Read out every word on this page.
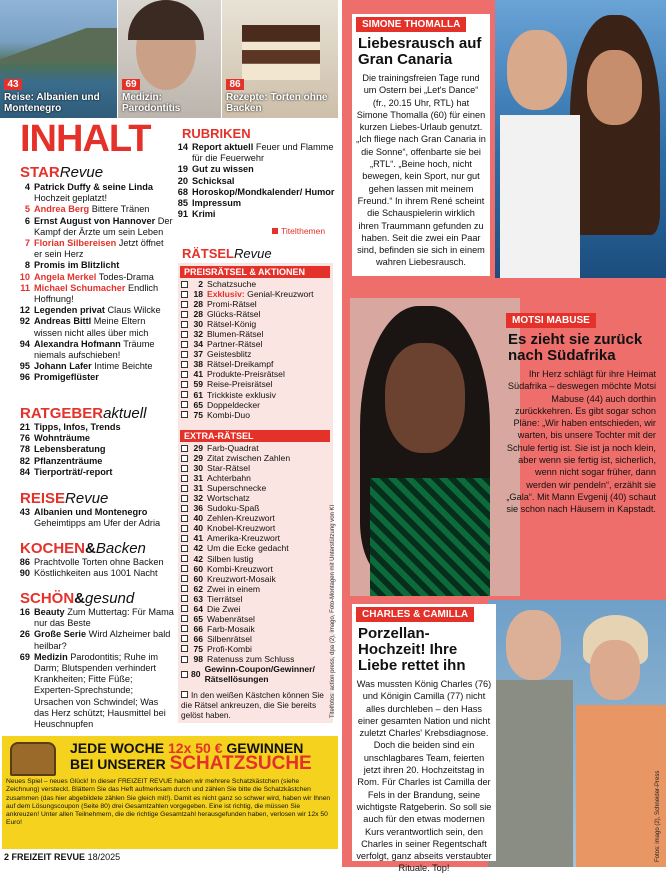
43
Reise: Albanien und Montenegro
69
Medizin: Parodontitis
86
Rezepte: Torten ohne Backen
INHALT
STARRevue
4 Patrick Duffy & seine Linda Hochzeit geplatzt!
5 Andrea Berg Bittere Tränen
6 Ernst August von Hannover Der Kampf der Ärzte um sein Leben
7 Florian Silbereisen Jetzt öffnet er sein Herz
8 Promis im Blitzlicht
10 Angela Merkel Todes-Drama
11 Michael Schumacher Endlich Hoffnung!
12 Legenden privat Claus Wilcke
92 Andreas Bittl Meine Eltern wissen nicht alles über mich
94 Alexandra Hofmann Träume niemals aufschieben!
95 Johann Lafer Intime Beichte
96 Promigeflüster
RATGEBERaktuell
21 Tipps, Infos, Trends
76 Wohnträume
78 Lebensberatung
82 Pflanzenträume
84 Tierporträt/-report
REISERevue
43 Albanien und Montenegro Geheimtipps am Ufer der Adria
KOCHEN&Backen
86 Prachtvolle Torten ohne Backen
90 Köstlichkeiten aus 1001 Nacht
SCHÖN&gesund
16 Beauty Zum Muttertag: Für Mama nur das Beste
26 Große Serie Wird Alzheimer bald heilbar?
69 Medizin Parodontitis; Ruhe im Darm; Blutspenden verhindert Krankheiten; Fitte Füße; Experten-Sprechstunde; Ursachen von Schwindel; Was das Herz schützt; Hausmittel bei Heuschnupfen
RUBRIKEN
14 Report aktuell Feuer und Flamme für die Feuerwehr
19 Gut zu wissen
20 Schicksal
68 Horoskop/Mondkalender/ Humor
85 Impressum
91 Krimi
Titelthemen
RÄTSELRevue
PREISRÄTSEL & AKTIONEN
2 Schatzsuche
18 Exklusiv: Genial-Kreuzwort
28 Promi-Rätsel
28 Glücks-Rätsel
30 Rätsel-König
32 Blumen-Rätsel
34 Partner-Rätsel
37 Geistesblitz
38 Rätsel-Dreikampf
41 Produkte-Preisrätsel
59 Reise-Preisrätsel
61 Trickkiste exklusiv
65 Doppeldecker
75 Kombi-Duo
EXTRA-RÄTSEL
29 Farb-Quadrat
29 Zitat zwischen Zahlen
30 Star-Rätsel
31 Achterbahn
31 Superschnecke
32 Wortschatz
36 Sudoku-Spaß
40 Zehlen-Kreuzwort
40 Knobel-Kreuzwort
41 Amerika-Kreuzwort
42 Um die Ecke gedacht
42 Silben lustig
60 Kombi-Kreuzwort
60 Kreuzwort-Mosaik
62 Zwei in einem
63 Tierrätsel
64 Die Zwei
65 Wabenrätsel
66 Farb-Mosaik
66 Silbenrätsel
75 Profi-Kombi
98 Ratenuss zum Schluss
80
Gewinn-Coupon/Gewinner/ Rätsellösungen
In den weißen Kästchen können Sie die Rätsel ankreuzen, die Sie bereits gelöst haben.	Titelfotos: action press, dpa (2), imago, Foto-Montagen mit Unterstützung von KI
JEDE WOCHE 12x 50 € GEWINNEN
BEI UNSERER SCHATZSUCHE
Neues Spiel – neues Glück! In dieser FREIZEIT REVUE haben wir mehrere Schatzkästchen (siehe Zeichnung) versteckt. Blättern Sie das Heft aufmerksam durch und zählen Sie bitte die Schatzkästchen zusammen (das hier abgebildete zählen Sie gleich mit!). Damit es nicht ganz so schwer wird, haben wir Ihnen auf dem Lösungscoupon (Seite 80) drei Gesamtzahlen vorgegeben. Eine ist richtig, die müssen Sie ankreuzen! Unter allen Teilnehmern, die die richtige Gesamtzahl herausgefunden haben, verlosen wir 12x 50 Euro!
2 FREIZEIT REVUE 18/2025
SIMONE THOMALLA
Liebesrausch auf Gran Canaria
Die trainingsfreien Tage rund um Ostern bei „Let's Dance“ (fr., 20.15 Uhr, RTL) hat Simone Thomalla (60) für einen kurzen Liebes-Urlaub genutzt. „Ich fliege nach Gran Canaria in die Sonne“, offenbarte sie bei „RTL“. „Beine hoch, nicht bewegen, kein Sport, nur gut gehen lassen mit meinem Freund.“ In ihrem René scheint die Schauspielerin wirklich ihren Traummann gefunden zu haben. Seit die zwei ein Paar sind, befinden sie sich in einem wahren Liebesrausch.
MOTSI MABUSE
Es zieht sie zurück nach Südafrika
Ihr Herz schlägt für ihre Heimat Südafrika – deswegen möchte Motsi Mabuse (44) auch dorthin zurückkehren. Es gibt sogar schon Pläne: „Wir haben entschieden, wir warten, bis unsere Tochter mit der Schule fertig ist. Sie ist ja noch klein, aber wenn sie fertig ist, sicherlich, wenn nicht sogar früher, dann werden wir pendeln“, erzählt sie „Gala“. Mit Mann Evgenij (40) schaut sie schon nach Häusern in Kapstadt.
CHARLES & CAMILLA
Porzellan-Hochzeit! Ihre Liebe rettet ihn
Was mussten König Charles (76) und Königin Camilla (77) nicht alles durchleben – den Hass einer gesamten Nation und nicht zuletzt Charles' Krebsdiagnose. Doch die beiden sind ein unschlagbares Team, feierten jetzt ihren 20. Hochzeitstag in Rom. Für Charles ist Camilla der Fels in der Brandung, seine wichtigste Ratgeberin. So soll sie auch für den etwas modernen Kurs verantwortlich sein, den Charles in seiner Regentschaft verfolgt, ganz abseits verstaubter Rituale. Top!
Fotos: imago (2), Schneider-Press
